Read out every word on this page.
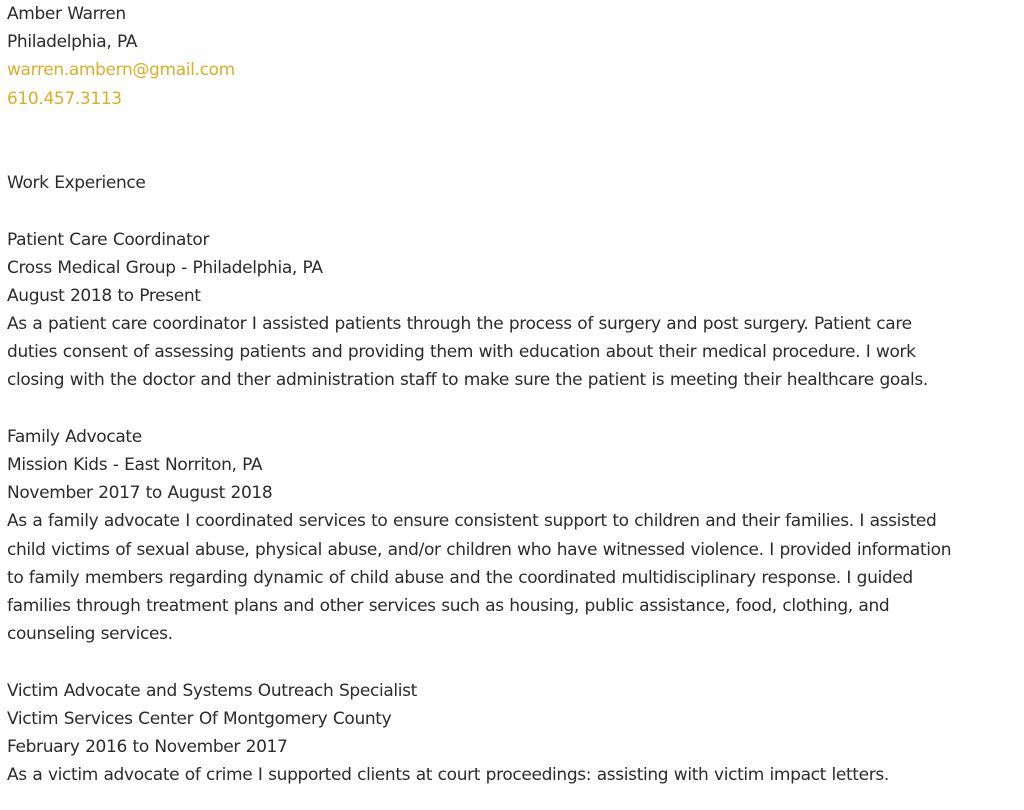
Amber Warren
Philadelphia, PA
warren.ambern@gmail.com
610.457.3113
Work Experience
Patient Care Coordinator
Cross Medical Group - Philadelphia, PA
August 2018 to Present
As a patient care coordinator I assisted patients through the process of surgery and post surgery. Patient care
duties consent of assessing patients and providing them with education about their medical procedure. I work
closing with the doctor and ther administration staff to make sure the patient is meeting their healthcare goals.
Family Advocate
Mission Kids - East Norriton, PA
November 2017 to August 2018
As a family advocate I coordinated services to ensure consistent support to children and their families. I assisted
child victims of sexual abuse, physical abuse, and/or children who have witnessed violence. I provided information
to family members regarding dynamic of child abuse and the coordinated multidisciplinary response. I guided
families through treatment plans and other services such as housing, public assistance, food, clothing, and
counseling services.
Victim Advocate and Systems Outreach Specialist
Victim Services Center Of Montgomery County
February 2016 to November 2017
As a victim advocate of crime I supported clients at court proceedings: assisting with victim impact letters.
